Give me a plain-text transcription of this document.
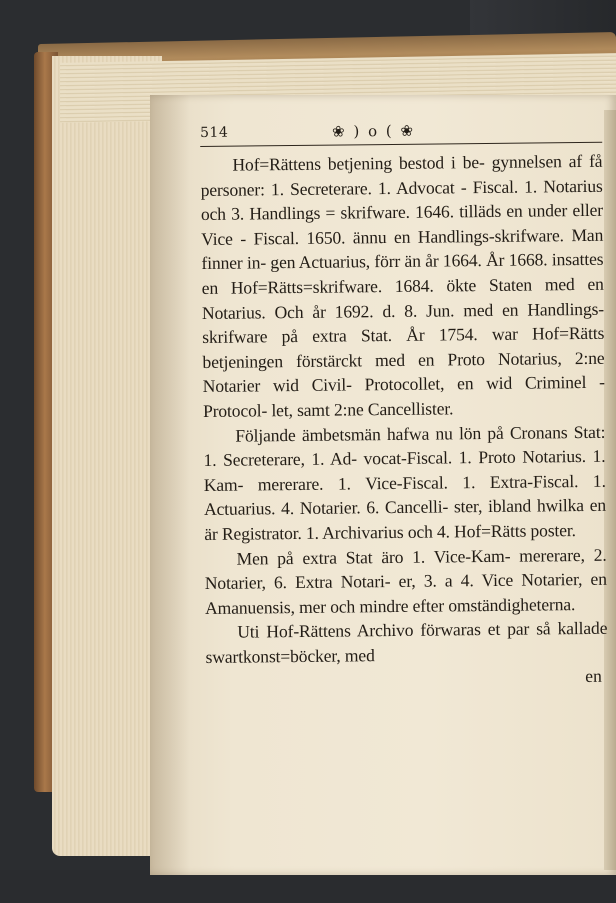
514	❀ ) o ( ❀

Hof=Rättens betjening bestod i be- gynnelsen af få personer: 1. Secreterare. 1. Advocat - Fiscal. 1. Notarius och 3. Handlings = skrifware. 1646. tilläds en under eller Vice - Fiscal. 1650. ännu en Handlings-skrifware. Man finner in- gen Actuarius, förr än år 1664. År 1668. insattes en Hof=Rätts=skrifware. 1684. ökte Staten med en Notarius. Och år 1692. d. 8. Jun. med en Handlings- skrifware på extra Stat. År 1754. war Hof=Rätts betjeningen förstärckt med en Proto Notarius, 2:ne Notarier wid Civil- Protocollet, en wid Criminel - Protocol- let, samt 2:ne Cancellister.

Följande ämbetsmän hafwa nu lön på Cronans Stat: 1. Secreterare, 1. Ad- vocat-Fiscal. 1. Proto Notarius. 1. Kam- mererare. 1. Vice-Fiscal. 1. Extra-Fiscal. 1. Actuarius. 4. Notarier. 6. Cancelli- ster, ibland hwilka en är Registrator. 1. Archivarius och 4. Hof=Rätts poster.

Men på extra Stat äro 1. Vice-Kam- mererare, 2. Notarier, 6. Extra Notari- er, 3. a 4. Vice Notarier, en Amanuensis, mer och mindre efter omständigheterna.

Uti Hof-Rättens Archivo förwaras et par så kallade swartkonst=böcker, med

en
